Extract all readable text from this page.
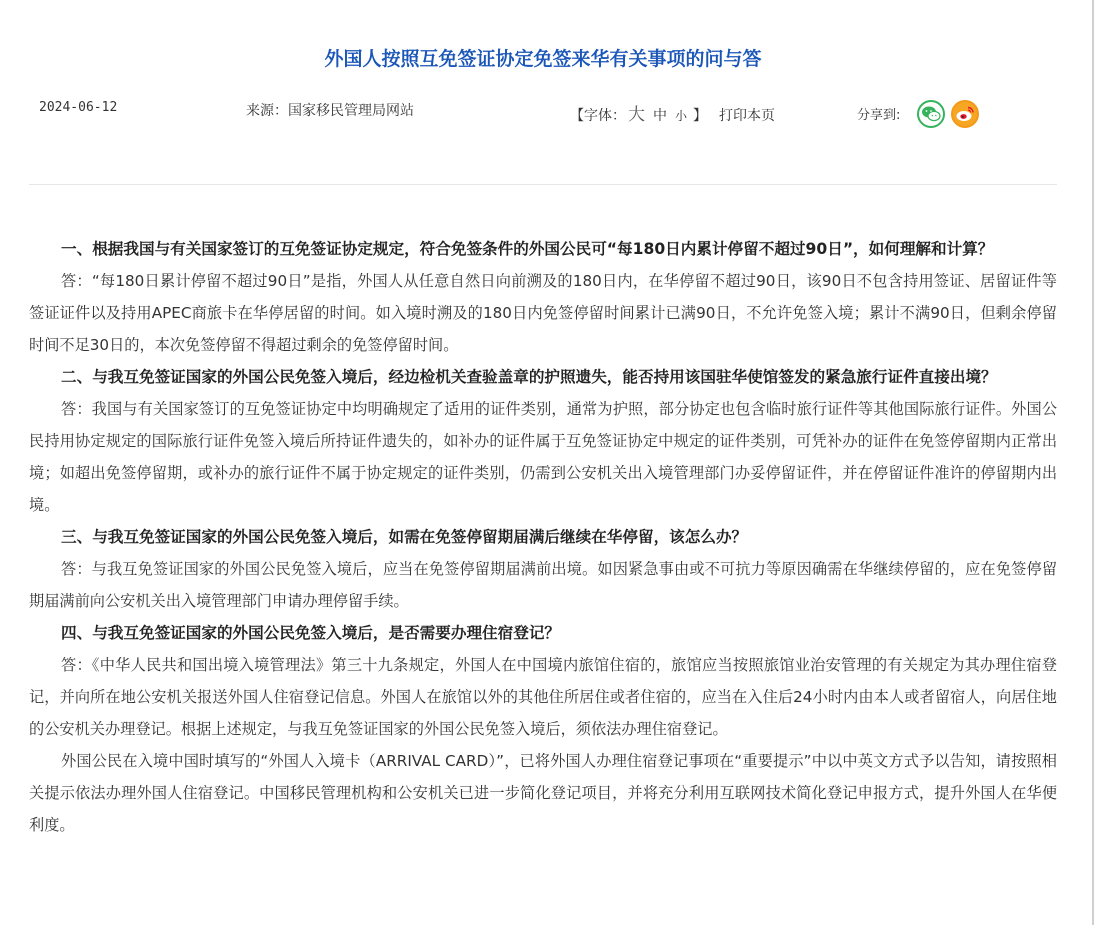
外国人按照互免签证协定免签来华有关事项的问与答
2024-06-12	来源：国家移民管理局网站	【字体： 大 中 小 】 打印本页	分享到:

一、根据我国与有关国家签订的互免签证协定规定，符合免签条件的外国公民可“每180日内累计停留不超过90日”，如何理解和计算？

答：“每180日累计停留不超过90日”是指，外国人从任意自然日向前溯及的180日内，在华停留不超过90日，该90日不包含持用签证、居留证件等签证证件以及持用APEC商旅卡在华停居留的时间。如入境时溯及的180日内免签停留时间累计已满90日，不允许免签入境；累计不满90日，但剩余停留时间不足30日的，本次免签停留不得超过剩余的免签停留时间。

二、与我互免签证国家的外国公民免签入境后，经边检机关查验盖章的护照遗失，能否持用该国驻华使馆签发的紧急旅行证件直接出境？

答：我国与有关国家签订的互免签证协定中均明确规定了适用的证件类别，通常为护照，部分协定也包含临时旅行证件等其他国际旅行证件。外国公民持用协定规定的国际旅行证件免签入境后所持证件遗失的，如补办的证件属于互免签证协定中规定的证件类别，可凭补办的证件在免签停留期内正常出境；如超出免签停留期，或补办的旅行证件不属于协定规定的证件类别，仍需到公安机关出入境管理部门办妥停留证件，并在停留证件准许的停留期内出境。

三、与我互免签证国家的外国公民免签入境后，如需在免签停留期届满后继续在华停留，该怎么办？

答：与我互免签证国家的外国公民免签入境后，应当在免签停留期届满前出境。如因紧急事由或不可抗力等原因确需在华继续停留的，应在免签停留期届满前向公安机关出入境管理部门申请办理停留手续。

四、与我互免签证国家的外国公民免签入境后，是否需要办理住宿登记？

答：《中华人民共和国出境入境管理法》第三十九条规定，外国人在中国境内旅馆住宿的，旅馆应当按照旅馆业治安管理的有关规定为其办理住宿登记，并向所在地公安机关报送外国人住宿登记信息。外国人在旅馆以外的其他住所居住或者住宿的，应当在入住后24小时内由本人或者留宿人，向居住地的公安机关办理登记。根据上述规定，与我互免签证国家的外国公民免签入境后，须依法办理住宿登记。

外国公民在入境中国时填写的“外国人入境卡（ARRIVAL CARD）”，已将外国人办理住宿登记事项在“重要提示”中以中英文方式予以告知，请按照相关提示依法办理外国人住宿登记。中国移民管理机构和公安机关已进一步简化登记项目，并将充分利用互联网技术简化登记申报方式，提升外国人在华便利度。
